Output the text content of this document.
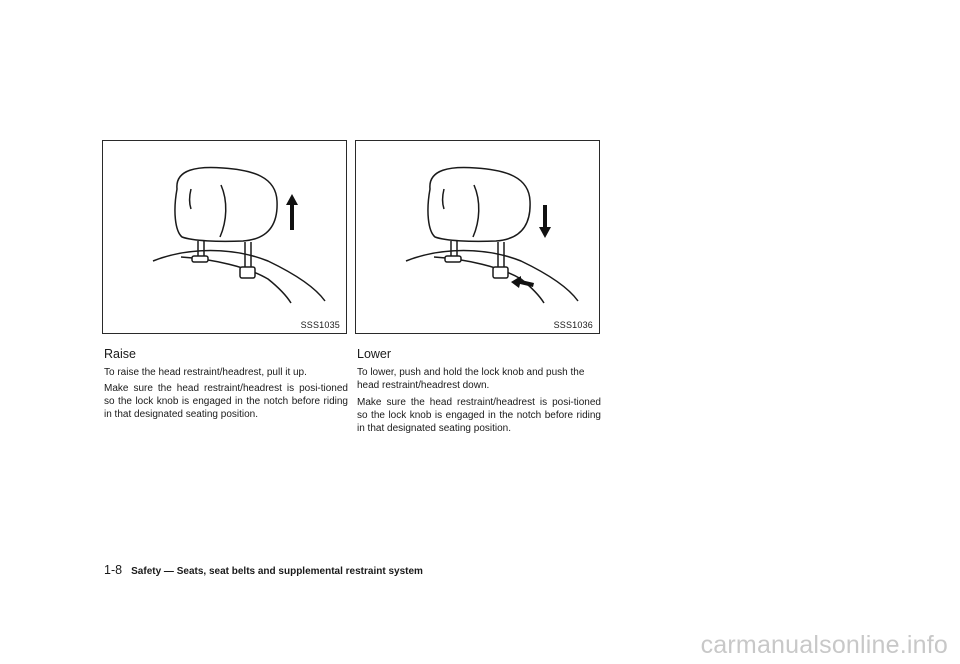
SSS1035	SSS1036
Raise

To raise the head restraint/headrest, pull it up.

Make sure the head restraint/headrest is posi-tioned so the lock knob is engaged in the notch before riding in that designated seating position.

Lower

To lower, push and hold the lock knob and push the head restraint/headrest down.

Make sure the head restraint/headrest is posi-tioned so the lock knob is engaged in the notch before riding in that designated seating position.

1-8 Safety — Seats, seat belts and supplemental restraint system
carmanualsonline.info
